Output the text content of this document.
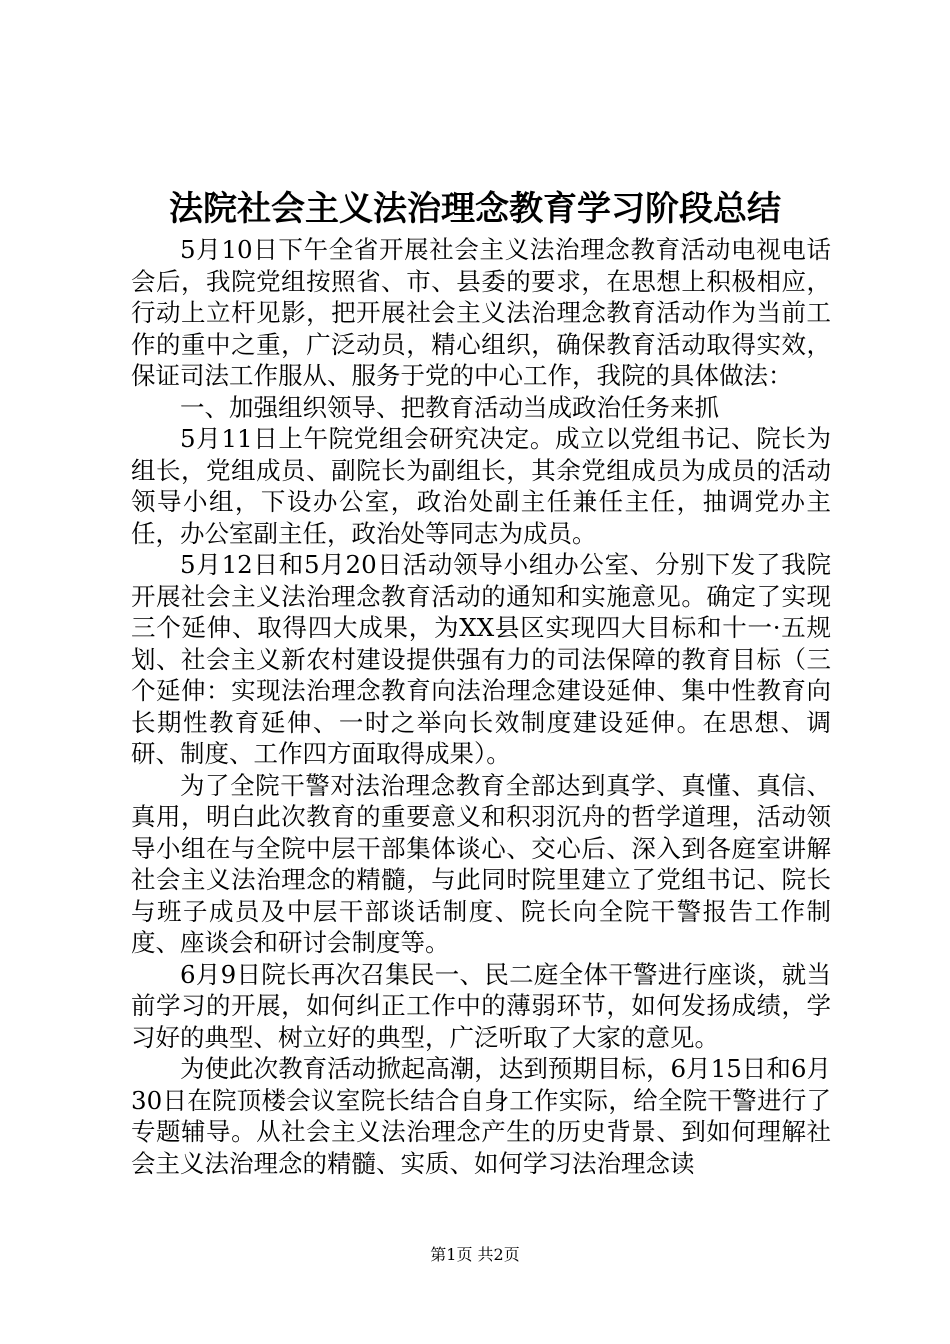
法院社会主义法治理念教育学习阶段总结

5月10日下午全省开展社会主义法治理念教育活动电视电话会后，我院党组按照省、市、县委的要求，在思想上积极相应，行动上立杆见影，把开展社会主义法治理念教育活动作为当前工作的重中之重，广泛动员，精心组织，确保教育活动取得实效，保证司法工作服从、服务于党的中心工作，我院的具体做法：

一、加强组织领导、把教育活动当成政治任务来抓

5月11日上午院党组会研究决定。成立以党组书记、院长为组长，党组成员、副院长为副组长，其余党组成员为成员的活动领导小组，下设办公室，政治处副主任兼任主任，抽调党办主任，办公室副主任，政治处等同志为成员。

5月12日和5月20日活动领导小组办公室、分别下发了我院开展社会主义法治理念教育活动的通知和实施意见。确定了实现三个延伸、取得四大成果，为XX县区实现四大目标和十一·五规划、社会主义新农村建设提供强有力的司法保障的教育目标（三个延伸：实现法治理念教育向法治理念建设延伸、集中性教育向长期性教育延伸、一时之举向长效制度建设延伸。在思想、调研、制度、工作四方面取得成果）。

为了全院干警对法治理念教育全部达到真学、真懂、真信、真用，明白此次教育的重要意义和积羽沉舟的哲学道理，活动领导小组在与全院中层干部集体谈心、交心后、深入到各庭室讲解社会主义法治理念的精髓，与此同时院里建立了党组书记、院长与班子成员及中层干部谈话制度、院长向全院干警报告工作制度、座谈会和研讨会制度等。

6月9日院长再次召集民一、民二庭全体干警进行座谈，就当前学习的开展，如何纠正工作中的薄弱环节，如何发扬成绩，学习好的典型、树立好的典型，广泛听取了大家的意见。

为使此次教育活动掀起高潮，达到预期目标，6月15日和6月30日在院顶楼会议室院长结合自身工作实际，给全院干警进行了专题辅导。从社会主义法治理念产生的历史背景、到如何理解社会主义法治理念的精髓、实质、如何学习法治理念读

第1页 共2页
